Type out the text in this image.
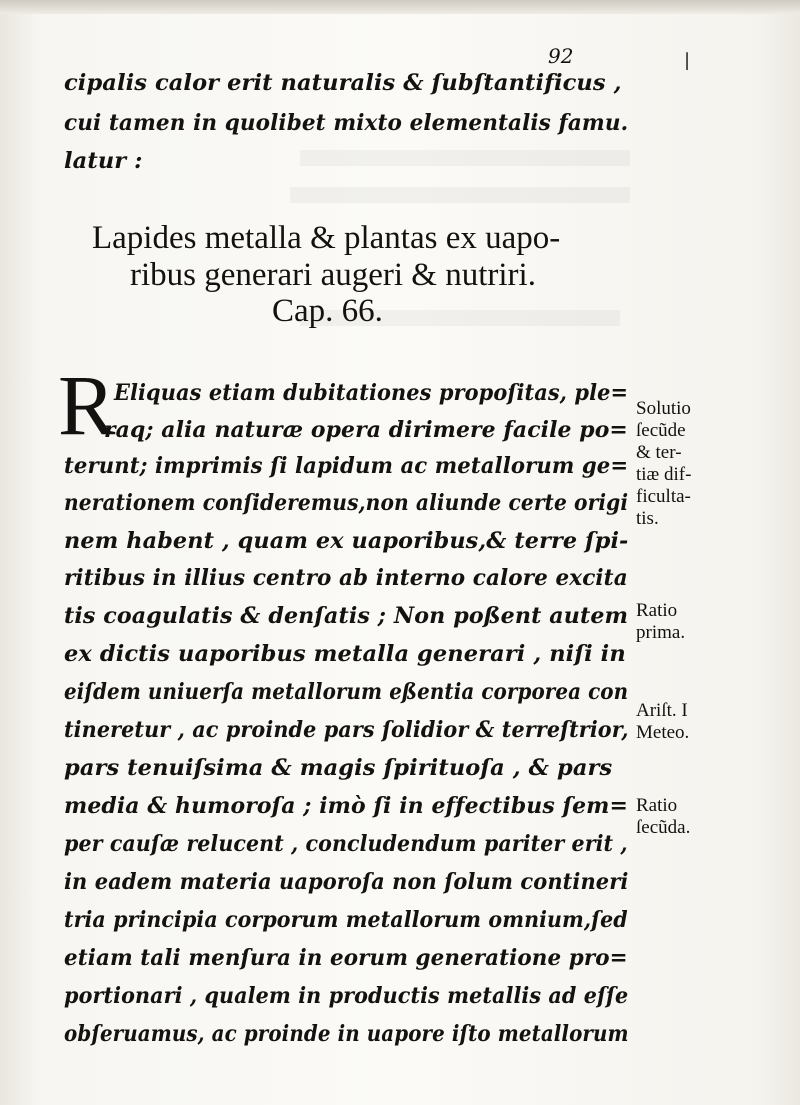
92	|
cipalis calor erit naturalis & ſubſtantificus ,
cui tamen in quolibet mixto elementalis famu.
latur :
Lapides metalla & plantas ex uapo-
ribus generari augeri & nutriri.
Cap. 66.
R
Eliquas etiam dubitationes propoſitas, ple=
raq; alia naturæ opera dirimere facile po=
terunt; imprimis ſi lapidum ac metallorum ge=
nerationem conſideremus,non aliunde certe origi
nem habent , quam ex uaporibus,& terre ſpi-
ritibus in illius centro ab interno calore excita
tis coagulatis & denſatis ; Non poßent autem
ex dictis uaporibus metalla generari , niſi in
eiſdem uniuerſa metallorum eßentia corporea con
tineretur , ac proinde pars ſolidior & terreſtrior,
pars tenuiſsima & magis ſpirituoſa , & pars
media & humoroſa ; imò ſi in effectibus ſem=
per cauſæ relucent , concludendum pariter erit ,
in eadem materia uaporoſa non ſolum contineri
tria principia corporum metallorum omnium,ſed
etiam tali menſura in eorum generatione pro=
portionari , qualem in productis metallis ad eſſe
obſeruamus, ac proinde in uapore iſto metallorum
Solutio
ſecũde
& ter-
tiæ dif-
ficulta-
tis.
Ratio
prima.
Ariſt. I
Meteo.
Ratio
ſecũda.
